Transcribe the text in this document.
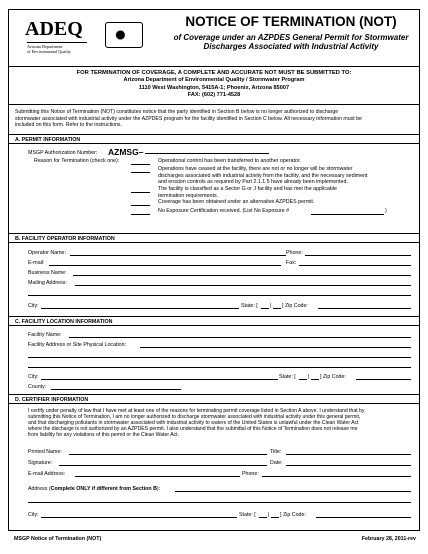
ADEQ
Arizona Department
of Environmental Quality
NOTICE OF TERMINATION (NOT)
of Coverage under an AZPDES General Permit for Stormwater
Discharges Associated with Industrial Activity
FOR TERMINATION OF COVERAGE, A COMPLETE AND ACCURATE NOT MUST BE SUBMITTED TO:
Arizona Department of Environmental Quality / Stormwater Program
1110 West Washington, 5415A-1; Phoenix, Arizona 85007
FAX: (602) 771-4528
Submitting this Notice of Termination (NOT) constitutes notice that the party identified in Section B below is no longer authorized to discharge
stormwater associated with industrial activity under the AZPDES program for the facility identified in Section C below. All necessary information must be
included on this form. Refer to the instructions.
A. PERMIT INFORMATION
MSGP Authorization Number: AZMSG–
Reason for Termination (check one):	Operational control has been transferred to another operator.
Operations have ceased at the facility, there are not or no longer will be stormwater
discharges associated with industrial activity from the facility, and the necessary sediment
and erosion controls as required by Part 2.1.1.5 have already been implemented.
The facility is classified as a Sector G or J facility and has met the applicable
termination requirements.
Coverage has been obtained under an alternative AZPDES permit.
No Exposure Certification received. (List No Exposure #	)
B. FACILITY OPERATOR INFORMATION
Operator Name:	Phone:
E-mail:	Fax:
Business Name:
Mailing Address:
City:	State: [ | ] Zip Code:
C. FACILITY LOCATION INFORMATION
Facility Name:
Facility Address or Site Physical Location:
City:	State: [ | ] Zip Code:
County:
D. CERTIFIER INFORMATION
I certify under penalty of law that I have met at least one of the reasons for terminating permit coverage listed in Section A above. I understand that by
submitting this Notice of Termination, I am no longer authorized to discharge stormwater associated with industrial activity under this general permit,
and that discharging pollutants in stormwater associated with industrial activity to waters of the United States is unlawful under the Clean Water Act
where the discharge is not authorized by an AZPDES permit. I also understand that the submittal of this Notice of Termination does not release me
from liability for any violations of this permit or the Clean Water Act.
Printed Name:	Title:
Signature:	Date:
E-mail Address:	Phone:
Address (Complete ONLY if different from Section B):
City:	State: [ | ] Zip Code:
MSGP Notice of Termination (NOT)	February 28, 2011-rev
